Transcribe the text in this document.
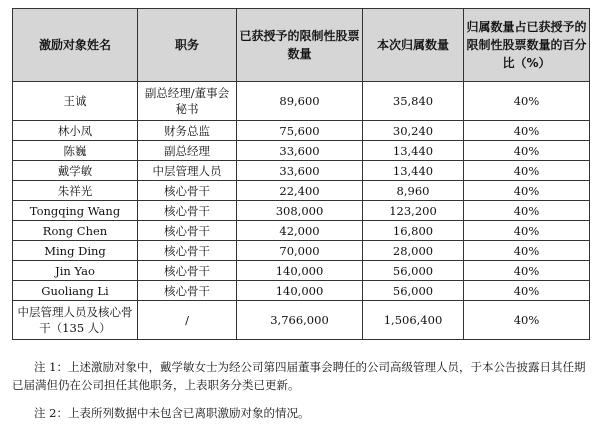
激励对象姓名	职务	已获授予的限制性股票数量	本次归属数量	归属数量占已获授予的限制性股票数量的百分比（%）
王诚	副总经理/董事会秘书	89,600	35,840	40%
林小凤	财务总监	75,600	30,240	40%
陈巍	副总经理	33,600	13,440	40%
戴学敏	中层管理人员	33,600	13,440	40%
朱祥光	核心骨干	22,400	8,960	40%
Tongqing Wang	核心骨干	308,000	123,200	40%
Rong Chen	核心骨干	42,000	16,800	40%
Ming Ding	核心骨干	70,000	28,000	40%
Jin Yao	核心骨干	140,000	56,000	40%
Guoliang Li	核心骨干	140,000	56,000	40%
中层管理人员及核心骨干（135 人）	/	3,766,000	1,506,400	40%

注 1：上述激励对象中，戴学敏女士为经公司第四届董事会聘任的公司高级管理人员，于本公告披露日其任期已届满但仍在公司担任其他职务，上表职务分类已更新。

注 2：上表所列数据中未包含已离职激励对象的情况。
